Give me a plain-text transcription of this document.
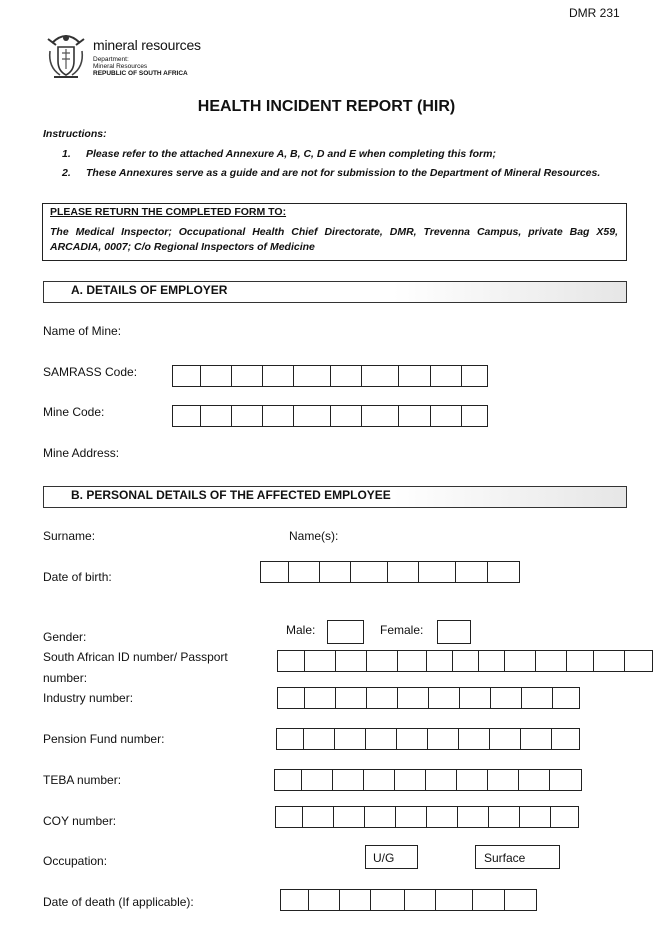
DMR 231
mineral resources
Department:
Mineral Resources
REPUBLIC OF SOUTH AFRICA
HEALTH INCIDENT REPORT (HIR)
Instructions:
1. Please refer to the attached Annexure A, B, C, D and E when completing this form;
2. These Annexures serve as a guide and are not for submission to the Department of Mineral Resources.
PLEASE RETURN THE COMPLETED FORM TO:
The Medical Inspector; Occupational Health Chief Directorate, DMR, Trevenna Campus, private Bag X59,
ARCADIA, 0007; C/o Regional Inspectors of Medicine
A. DETAILS OF EMPLOYER
Name of Mine:
SAMRASS Code:
Mine Code:
Mine Address:
B. PERSONAL DETAILS OF THE AFFECTED EMPLOYEE
Surname:	Name(s):
Date of birth:
Male:	Female:
Gender:
South African ID number/ Passport
number:
Industry number:
Pension Fund number:
TEBA number:
COY number:
Occupation:	U/G	Surface
Date of death (If applicable):
